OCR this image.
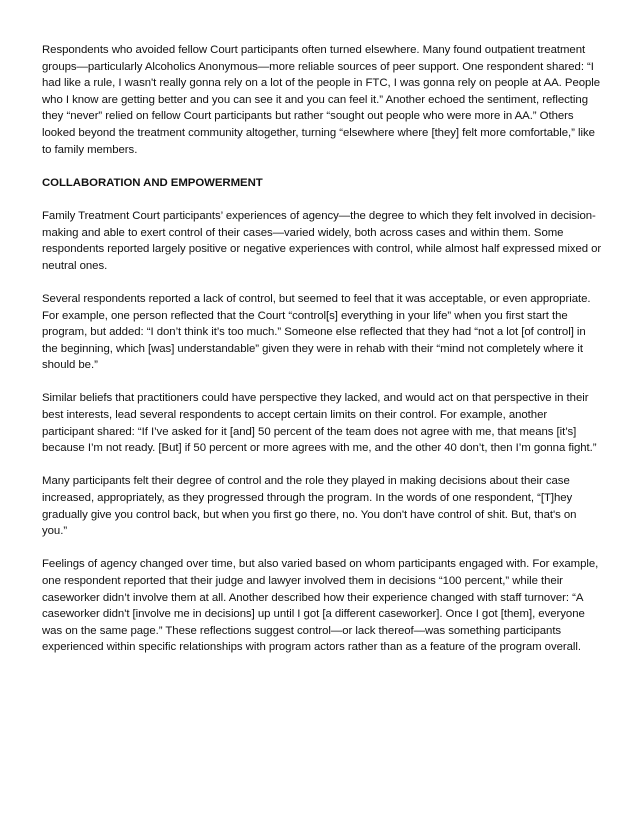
Respondents who avoided fellow Court participants often turned elsewhere. Many found outpatient treatment groups—particularly Alcoholics Anonymous—more reliable sources of peer support. One respondent shared: “I had like a rule, I wasn't really gonna rely on a lot of the people in FTC, I was gonna rely on people at AA. People who I know are getting better and you can see it and you can feel it.” Another echoed the sentiment, reflecting they “never” relied on fellow Court participants but rather “sought out people who were more in AA.” Others looked beyond the treatment community altogether, turning “elsewhere where [they] felt more comfortable,” like to family members.

COLLABORATION AND EMPOWERMENT

Family Treatment Court participants’ experiences of agency—the degree to which they felt involved in decision-making and able to exert control of their cases—varied widely, both across cases and within them. Some respondents reported largely positive or negative experiences with control, while almost half expressed mixed or neutral ones.

Several respondents reported a lack of control, but seemed to feel that it was acceptable, or even appropriate. For example, one person reflected that the Court “control[s] everything in your life” when you first start the program, but added: “I don’t think it’s too much.” Someone else reflected that they had “not a lot [of control] in the beginning, which [was] understandable” given they were in rehab with their “mind not completely where it should be.”

Similar beliefs that practitioners could have perspective they lacked, and would act on that perspective in their best interests, lead several respondents to accept certain limits on their control. For example, another participant shared: “If I’ve asked for it [and] 50 percent of the team does not agree with me, that means [it’s] because I’m not ready. [But] if 50 percent or more agrees with me, and the other 40 don’t, then I’m gonna fight.”

Many participants felt their degree of control and the role they played in making decisions about their case increased, appropriately, as they progressed through the program. In the words of one respondent, “[T]hey gradually give you control back, but when you first go there, no. You don't have control of shit. But, that's on you.”

Feelings of agency changed over time, but also varied based on whom participants engaged with. For example, one respondent reported that their judge and lawyer involved them in decisions “100 percent,” while their caseworker didn’t involve them at all. Another described how their experience changed with staff turnover: “A caseworker didn't [involve me in decisions] up until I got [a different caseworker]. Once I got [them], everyone was on the same page.” These reflections suggest control—or lack thereof—was something participants experienced within specific relationships with program actors rather than as a feature of the program overall.
